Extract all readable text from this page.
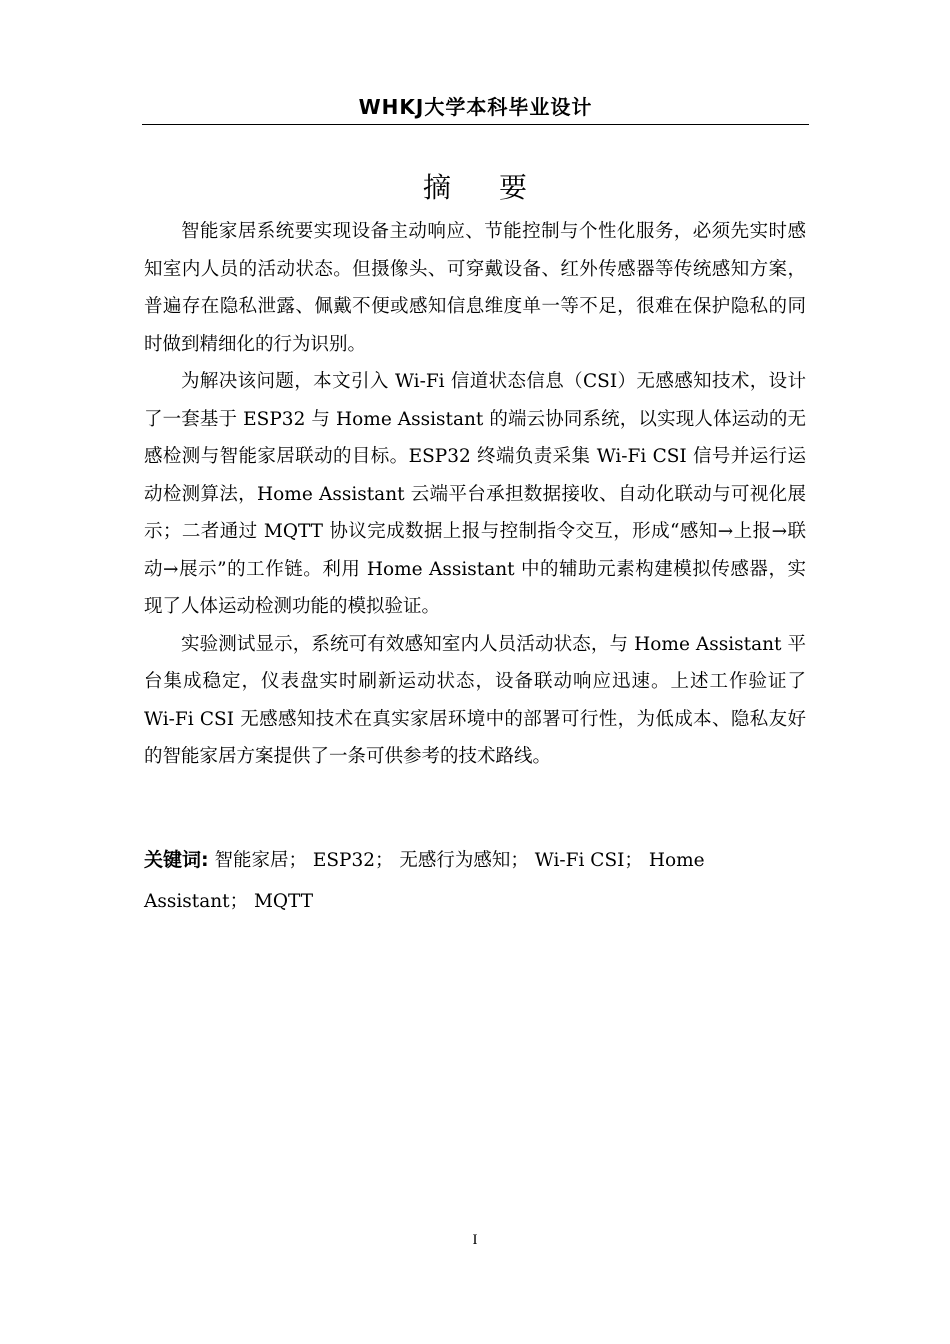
WHKJ大学本科毕业设计
摘要

智能家居系统要实现设备主动响应、节能控制与个性化服务，必须先实时感知室内人员的活动状态。但摄像头、可穿戴设备、红外传感器等传统感知方案，普遍存在隐私泄露、佩戴不便或感知信息维度单一等不足，很难在保护隐私的同时做到精细化的行为识别。

为解决该问题，本文引入 Wi-Fi 信道状态信息（CSI）无感感知技术，设计了一套基于 ESP32 与 Home Assistant 的端云协同系统，以实现人体运动的无感检测与智能家居联动的目标。ESP32 终端负责采集 Wi-Fi CSI 信号并运行运动检测算法，Home Assistant 云端平台承担数据接收、自动化联动与可视化展示；二者通过 MQTT 协议完成数据上报与控制指令交互，形成“感知→上报→联动→展示”的工作链。利用 Home Assistant 中的辅助元素构建模拟传感器，实现了人体运动检测功能的模拟验证。

实验测试显示，系统可有效感知室内人员活动状态，与 Home Assistant 平台集成稳定，仪表盘实时刷新运动状态，设备联动响应迅速。上述工作验证了 Wi-Fi CSI 无感感知技术在真实家居环境中的部署可行性，为低成本、隐私友好的智能家居方案提供了一条可供参考的技术路线。

关键词: 智能家居； ESP32； 无感行为感知； Wi-Fi CSI； Home Assistant； MQTT
I
